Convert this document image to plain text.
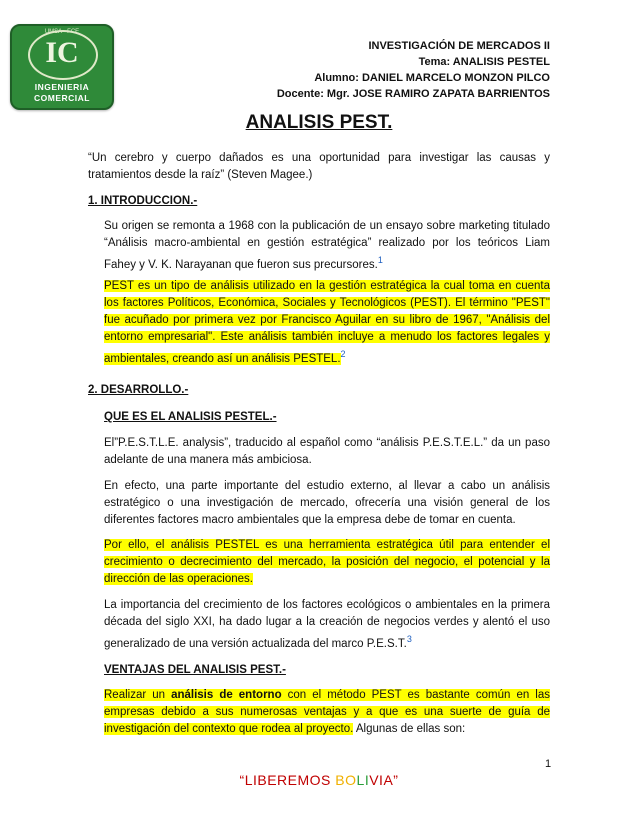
UMSA · FCE
IC
INGENIERIA
COMERCIAL
INVESTIGACIÓN DE MERCADOS II
Tema: ANALISIS PESTEL
Alumno: DANIEL MARCELO MONZON PILCO
Docente: Mgr. JOSE RAMIRO ZAPATA BARRIENTOS
ANALISIS PEST.
“Un cerebro y cuerpo dañados es una oportunidad para investigar las causas y tratamientos desde la raíz” (Steven Magee.)
1. INTRODUCCION.-
Su origen se remonta a 1968 con la publicación de un ensayo sobre marketing titulado “Análisis macro-ambiental en gestión estratégica” realizado por los teóricos Liam Fahey y V. K. Narayanan que fueron sus precursores.$^1$
PEST es un tipo de análisis utilizado en la gestión estratégica la cual toma en cuenta los factores Políticos, Económica, Sociales y Tecnológicos (PEST). El término "PEST" fue acuñado por primera vez por Francisco Aguilar en su libro de 1967, "Análisis del entorno empresarial". Este análisis también incluye a menudo los factores legales y ambientales, creando así un análisis PESTEL.$^2$
2. DESARROLLO.-
QUE ES EL ANALISIS PESTEL.-
El”P.E.S.T.L.E. analysis”, traducido al español como “análisis P.E.S.T.E.L.” da un paso adelante de una manera más ambiciosa.
En efecto, una parte importante del estudio externo, al llevar a cabo un análisis estratégico o una investigación de mercado, ofrecería una visión general de los diferentes factores macro ambientales que la empresa debe de tomar en cuenta.
Por ello, el análisis PESTEL es una herramienta estratégica útil para entender el crecimiento o decrecimiento del mercado, la posición del negocio, el potencial y la dirección de las operaciones.
La importancia del crecimiento de los factores ecológicos o ambientales en la primera década del siglo XXI, ha dado lugar a la creación de negocios verdes y alentó el uso generalizado de una versión actualizada del marco P.E.S.T.$^3$
VENTAJAS DEL ANALISIS PEST.-
Realizar un análisis de entorno con el método PEST es bastante común en las empresas debido a sus numerosas ventajas y a que es una suerte de guía de investigación del contexto que rodea al proyecto. Algunas de ellas son:
1
“LIBEREMOS BOLIVIA”
